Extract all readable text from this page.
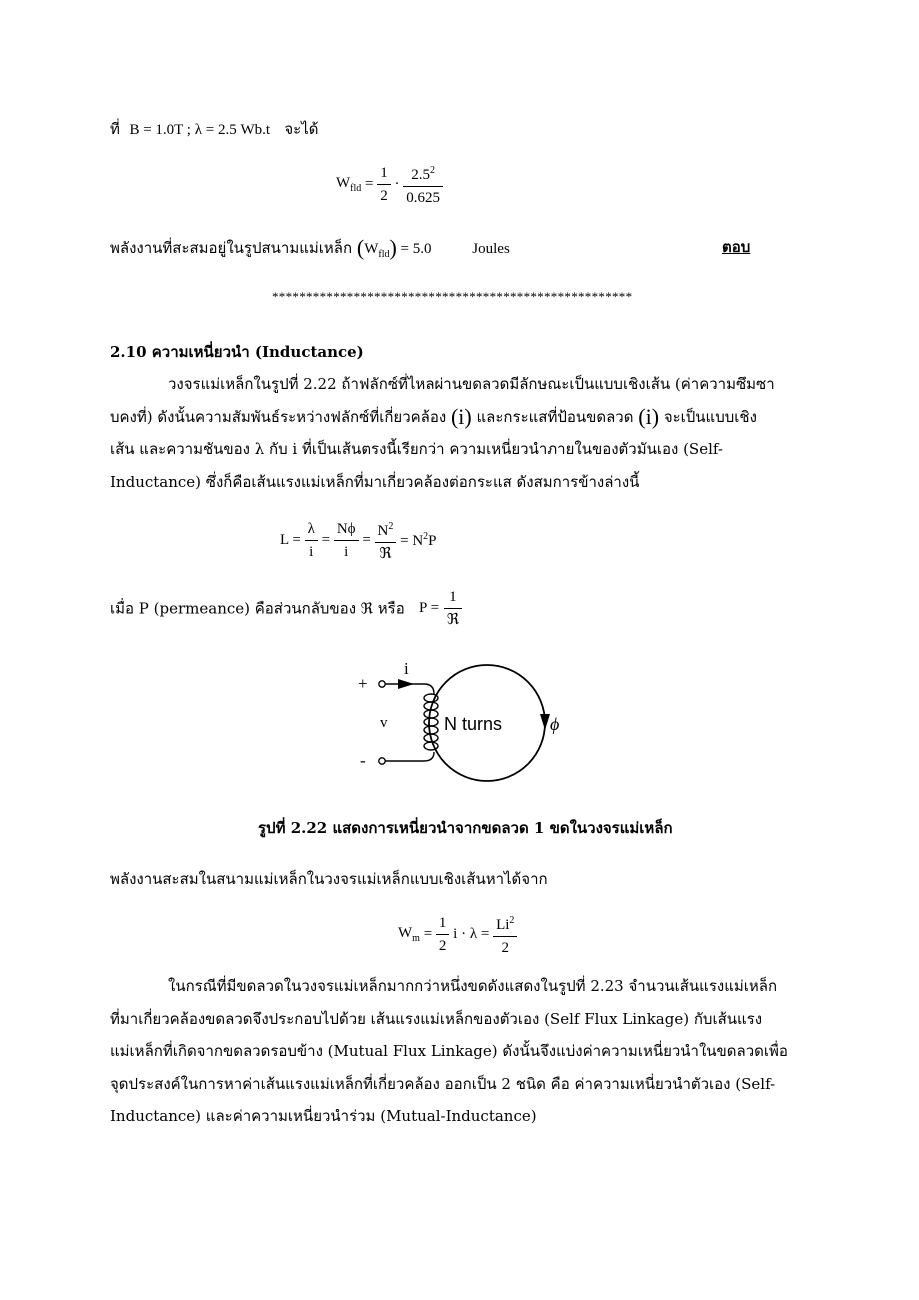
ที่ B = 1.0T ; λ = 2.5 Wb.t จะได้
$W_{fld} = \frac{1}{2} \cdot \frac{2.5^2}{0.625}$
พลังงานที่สะสมอยู่ในรูปสนามแม่เหล็ก $(W_{fld}) = 5.0$	Joules	ตอบ
*****************************************************
2.10 ความเหนี่ยวนำ (Inductance)
วงจรแม่เหล็กในรูปที่ 2.22 ถ้าฟลักซ์ที่ไหลผ่านขดลวดมีลักษณะเป็นแบบเชิงเส้น (ค่าความซึมซา
บคงที่) ดังนั้นความสัมพันธ์ระหว่างฟลักซ์ที่เกี่ยวคล้อง (i) และกระแสที่ป้อนขดลวด (i) จะเป็นแบบเชิง
เส้น และความชันของ λ กับ i ที่เป็นเส้นตรงนี้เรียกว่า ความเหนี่ยวนำภายในของตัวมันเอง (Self-
Inductance) ซึ่งก็คือเส้นแรงแม่เหล็กที่มาเกี่ยวคล้องต่อกระแส ดังสมการข้างล่างนี้
$L = \frac{\lambda}{i} = \frac{N\phi}{i} = \frac{N^2}{\text{ℜ}} = N^2P$
เมื่อ P (permeance) คือส่วนกลับของ ℜ หรือ $P = \frac{1}{\text{ℜ}}$
+
-
i
v	N turns	ϕ
รูปที่ 2.22 แสดงการเหนี่ยวนำจากขดลวด 1 ขดในวงจรแม่เหล็ก
พลังงานสะสมในสนามแม่เหล็กในวงจรแม่เหล็กแบบเชิงเส้นหาได้จาก
$W_m = \frac{1}{2}$ $i \cdot \lambda = \frac{Li^2}{2}$
ในกรณีที่มีขดลวดในวงจรแม่เหล็กมากกว่าหนึ่งขดดังแสดงในรูปที่ 2.23 จำนวนเส้นแรงแม่เหล็ก
ที่มาเกี่ยวคล้องขดลวดจึงประกอบไปด้วย เส้นแรงแม่เหล็กของตัวเอง (Self Flux Linkage) กับเส้นแรง
แม่เหล็กที่เกิดจากขดลวดรอบข้าง (Mutual Flux Linkage) ดังนั้นจึงแบ่งค่าความเหนี่ยวนำในขดลวดเพื่อ
จุดประสงค์ในการหาค่าเส้นแรงแม่เหล็กที่เกี่ยวคล้อง ออกเป็น 2 ชนิด คือ ค่าความเหนี่ยวนำตัวเอง (Self-
Inductance) และค่าความเหนี่ยวนำร่วม (Mutual-Inductance)
